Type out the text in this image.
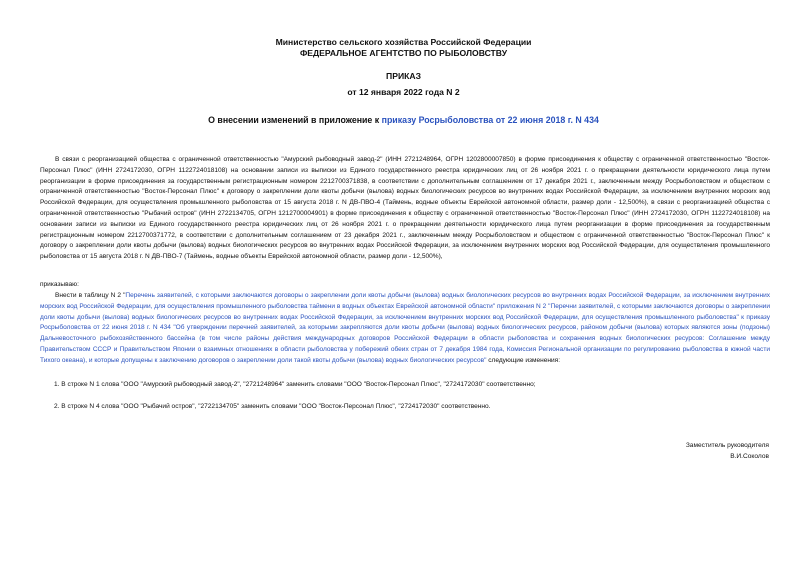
Министерство сельского хозяйства Российской Федерации
ФЕДЕРАЛЬНОЕ АГЕНТСТВО ПО РЫБОЛОВСТВУ
ПРИКАЗ
от 12 января 2022 года N 2
О внесении изменений в приложение к приказу Росрыболовства от 22 июня 2018 г. N 434

В связи с реорганизацией общества с ограниченной ответственностью "Амурский рыбоводный завод-2" (ИНН 2721248964, ОГРН 1202800007850) в форме присоединения к обществу с ограниченной ответственностью "Восток-Персонал Плюс" (ИНН 2724172030, ОГРН 1122724018108) на основании записи из выписки из Единого государственного реестра юридических лиц от 26 ноября 2021 г. о прекращении деятельности юридического лица путем реорганизации в форме присоединения за государственным регистрационным номером 2212700371838, в соответствии с дополнительным соглашением от 17 декабря 2021 г., заключенным между Росрыболовством и обществом с ограниченной ответственностью "Восток-Персонал Плюс" к договору о закреплении доли квоты добычи (вылова) водных биологических ресурсов во внутренних водах Российской Федерации, за исключением внутренних морских вод Российской Федерации, для осуществления промышленного рыболовства от 15 августа 2018 г. N ДВ-ПВО-4 (Таймень, водные объекты Еврейской автономной области, размер доли - 12,500%), в связи с реорганизацией общества с ограниченной ответственностью "Рыбачий остров" (ИНН 2722134705, ОГРН 1212700004901) в форме присоединения к обществу с ограниченной ответственностью "Восток-Персонал Плюс" (ИНН 2724172030, ОГРН 1122724018108) на основании записи из выписки из Единого государственного реестра юридических лиц от 26 ноября 2021 г. о прекращении деятельности юридического лица путем реорганизации в форме присоединения за государственным регистрационным номером 2212700371772, в соответствии с дополнительным соглашением от 23 декабря 2021 г., заключенным между Росрыболовством и обществом с ограниченной ответственностью "Восток-Персонал Плюс" к договору о закреплении доли квоты добычи (вылова) водных биологических ресурсов во внутренних водах Российской Федерации, за исключением внутренних морских вод Российской Федерации, для осуществления промышленного рыболовства от 15 августа 2018 г. N ДВ-ПВО-7 (Таймень, водные объекты Еврейской автономной области, размер доли - 12,500%),

приказываю:

Внести в таблицу N 2 "Перечень заявителей, с которыми заключаются договоры о закреплении доли квоты добычи (вылова) водных биологических ресурсов во внутренних водах Российской Федерации, за исключением внутренних морских вод Российской Федерации, для осуществления промышленного рыболовства таймени в водных объектах Еврейской автономной области" приложения N 2 "Перечни заявителей, с которыми заключаются договоры о закреплении доли квоты добычи (вылова) водных биологических ресурсов во внутренних водах Российской Федерации, за исключением внутренних морских вод Российской Федерации, для осуществления промышленного рыболовства" к приказу Росрыболовства от 22 июня 2018 г. N 434 "Об утверждении перечней заявителей, за которыми закрепляются доли квоты добычи (вылова) водных биологических ресурсов, районом добычи (вылова) которых являются зоны (подзоны) Дальневосточного рыбохозяйственного бассейна (в том числе районы действия международных договоров Российской Федерации в области рыболовства и сохранения водных биологических ресурсов: Соглашение между Правительством СССР и Правительством Японии о взаимных отношениях в области рыболовства у побережий обеих стран от 7 декабря 1984 года, Комиссия Региональной организации по регулированию рыболовства в южной части Тихого океана), и которые допущены к заключению договоров о закреплении доли такой квоты добычи (вылова) водных биологических ресурсов" следующие изменения:

1. В строке N 1 слова "ООО "Амурский рыбоводный завод-2", "2721248964" заменить словами "ООО "Восток-Персонал Плюс", "2724172030" соответственно;

2. В строке N 4 слова "ООО "Рыбачий остров", "2722134705" заменить словами "ООО "Восток-Персонал Плюс", "2724172030" соответственно.

Заместитель руководителя
В.И.Соколов
